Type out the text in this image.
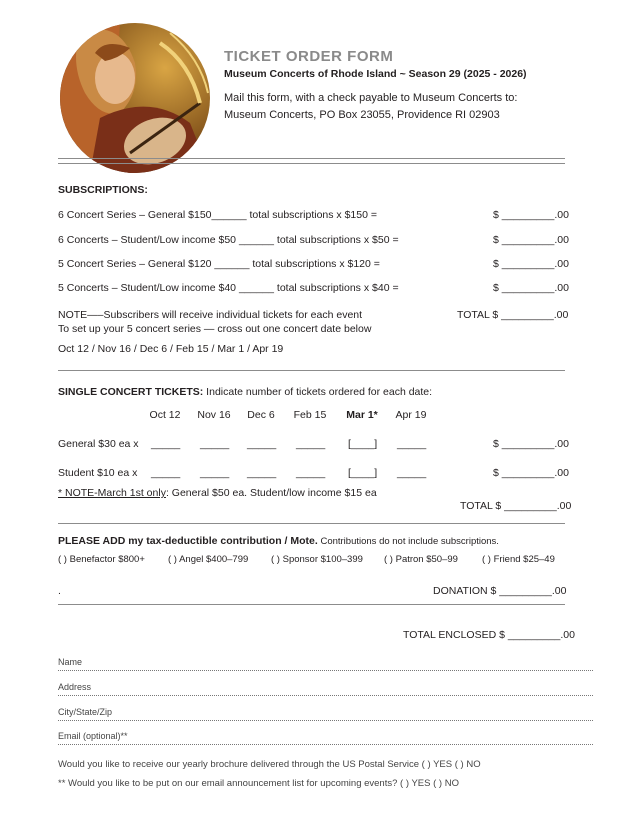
TICKET ORDER FORM
Museum Concerts of Rhode Island ~ Season 29 (2025 - 2026)
Mail this form, with a check payable to Museum Concerts to:
Museum Concerts, PO Box 23055, Providence RI 02903
SUBSCRIPTIONS:
6 Concert Series – General $150______ total subscriptions x $150 =	$ _________.00
6 Concerts – Student/Low income $50 ______ total subscriptions x $50 =	$ _________.00
5 Concert Series – General $120 ______ total subscriptions x $120 =	$ _________.00
5 Concerts – Student/Low income $40 ______ total subscriptions x $40 =	$ _________.00
NOTE—–Subscribers will receive individual tickets for each event	TOTAL $ _________.00
To set up your 5 concert series — cross out one concert date below
Oct 12 / Nov 16 / Dec 6 / Feb 15 / Mar 1 / Apr 19
SINGLE CONCERT TICKETS: Indicate number of tickets ordered for each date:
Oct 12	Nov 16	Dec 6	Feb 15	Mar 1*	Apr 19
General $30 ea x _____ _____ _____ _____ [____] _____	$ _________.00
Student $10 ea x _____ _____ _____ _____ [____] _____	$ _________.00
* NOTE-March 1st only: General $50 ea. Student/low income $15 ea
TOTAL $ _________.00
PLEASE ADD my tax-deductible contribution / Mote. Contributions do not include subscriptions.
( ) Benefactor $800+ ( ) Angel $400–799 ( ) Sponsor $100–399 ( ) Patron $50–99	( ) Friend $25–49
.	DONATION $ _________.00
TOTAL ENCLOSED $ _________.00
Name
Address
City/State/Zip
Email (optional)**
Would you like to receive our yearly brochure delivered through the US Postal Service ( ) YES ( ) NO
** Would you like to be put on our email announcement list for upcoming events? ( ) YES ( ) NO
